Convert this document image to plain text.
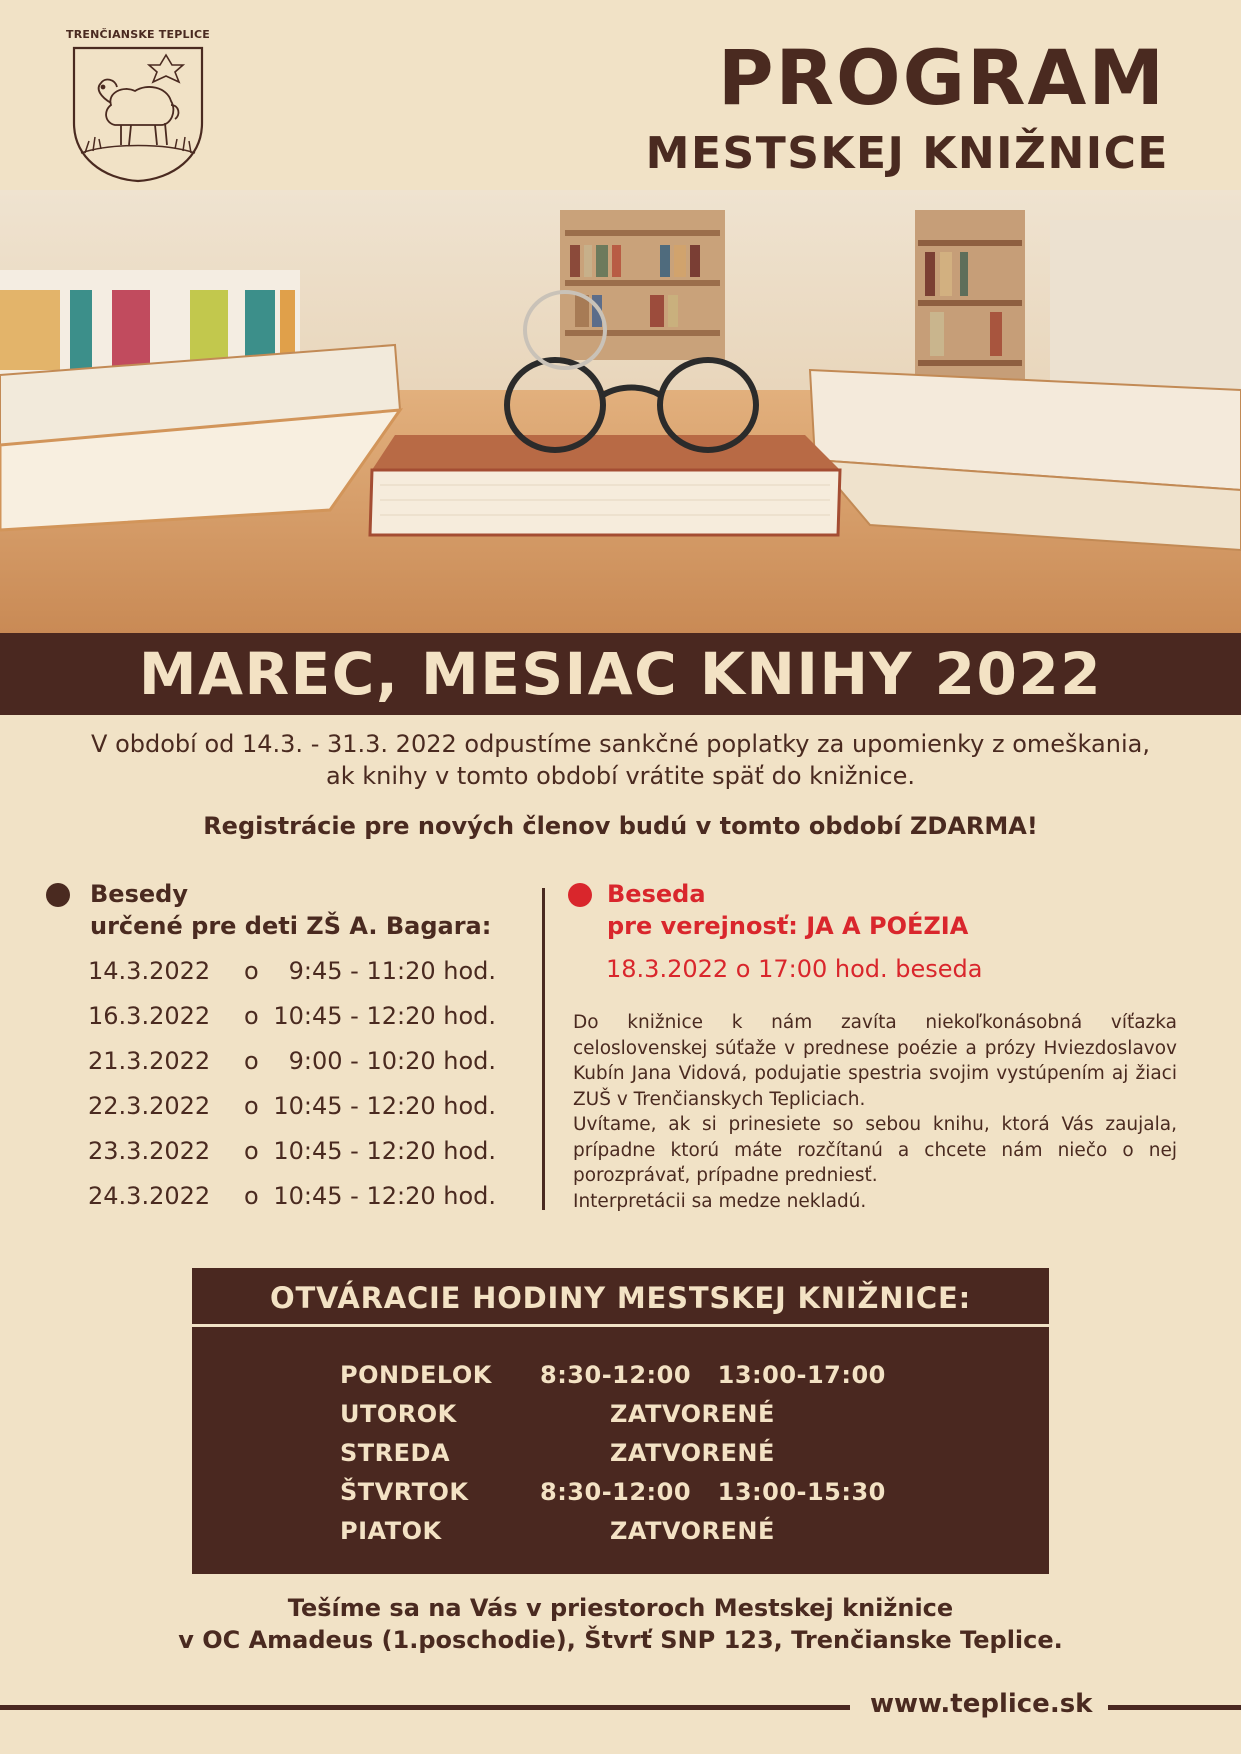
TRENČIANSKE TEPLICE	PROGRAM
MESTSKEJ KNIŽNICE
MAREC, MESIAC KNIHY 2022

V období od 14.3. - 31.3. 2022 odpustíme sankčné poplatky za upomienky z omeškania,

ak knihy v tomto období vrátite späť do knižnice.

Registrácie pre nových členov budú v tomto období ZDARMA!
Besedy
určené pre deti ZŠ A. Bagara:
14.3.2022	o	9:45 - 11:20 hod.
16.3.2022	o 10:45 - 12:20 hod.
21.3.2022	o	9:00 - 10:20 hod.
22.3.2022	o 10:45 - 12:20 hod.
23.3.2022	o 10:45 - 12:20 hod.
24.3.2022	o 10:45 - 12:20 hod.
Beseda
pre verejnosť: JA A POÉZIA
18.3.2022 o 17:00 hod. beseda

Do knižnice k nám zavíta niekoľkonásobná víťazka celoslovenskej súťaže v prednese poézie a prózy Hviezdoslavov Kubín Jana Vidová, podujatie spestria svojim vystúpením aj žiaci ZUŠ v Trenčianskych Tepliciach.

Uvítame, ak si prinesiete so sebou knihu, ktorá Vás zaujala, prípadne ktorú máte rozčítanú a chcete nám niečo o nej porozprávať, prípadne predniesť.

Interpretácii sa medze nekladú.

OTVÁRACIE HODINY MESTSKEJ KNIŽNICE:
PONDELOK	8:30-12:00   13:00-17:00
UTOROK	ZATVORENÉ
STREDA	ZATVORENÉ
ŠTVRTOK	8:30-12:00   13:00-15:30
PIATOK	ZATVORENÉ

Tešíme sa na Vás v priestoroch Mestskej knižnice

v OC Amadeus (1.poschodie), Štvrť SNP 123, Trenčianske Teplice.

www.teplice.sk
